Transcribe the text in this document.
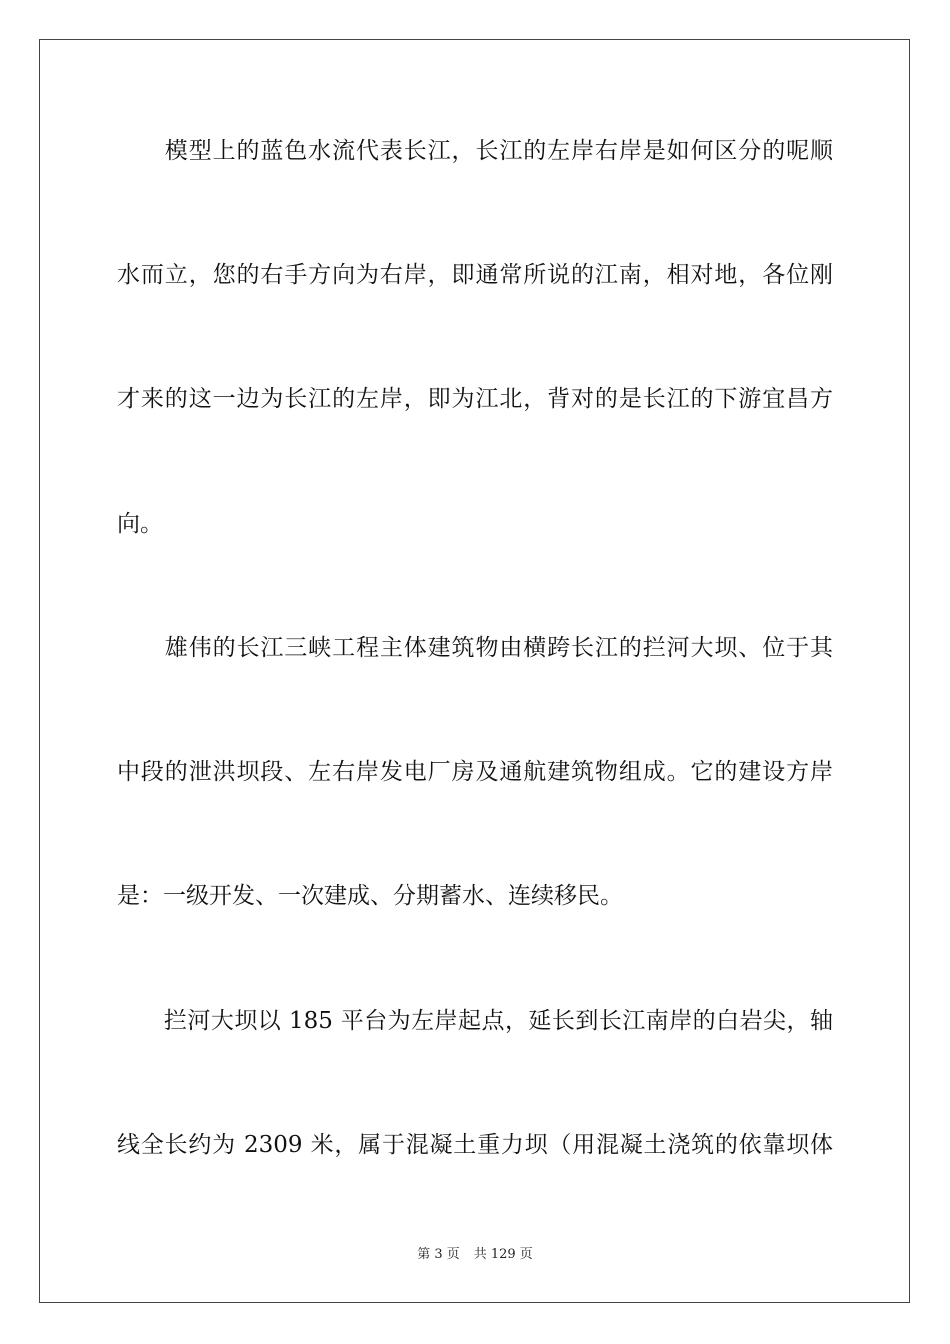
　　模型上的蓝色水流代表长江，长江的左岸右岸是如何区分的呢顺
水而立，您的右手方向为右岸，即通常所说的江南，相对地，各位刚
才来的这一边为长江的左岸，即为江北，背对的是长江的下游宜昌方
向。
　　雄伟的长江三峡工程主体建筑物由横跨长江的拦河大坝、位于其
中段的泄洪坝段、左右岸发电厂房及通航建筑物组成。它的建设方岸
是：一级开发、一次建成、分期蓄水、连续移民。
　　拦河大坝以 185 平台为左岸起点，延长到长江南岸的白岩尖，轴
线全长约为 2309 米，属于混凝土重力坝（用混凝土浇筑的依靠坝体
第 3 页 共 129 页
